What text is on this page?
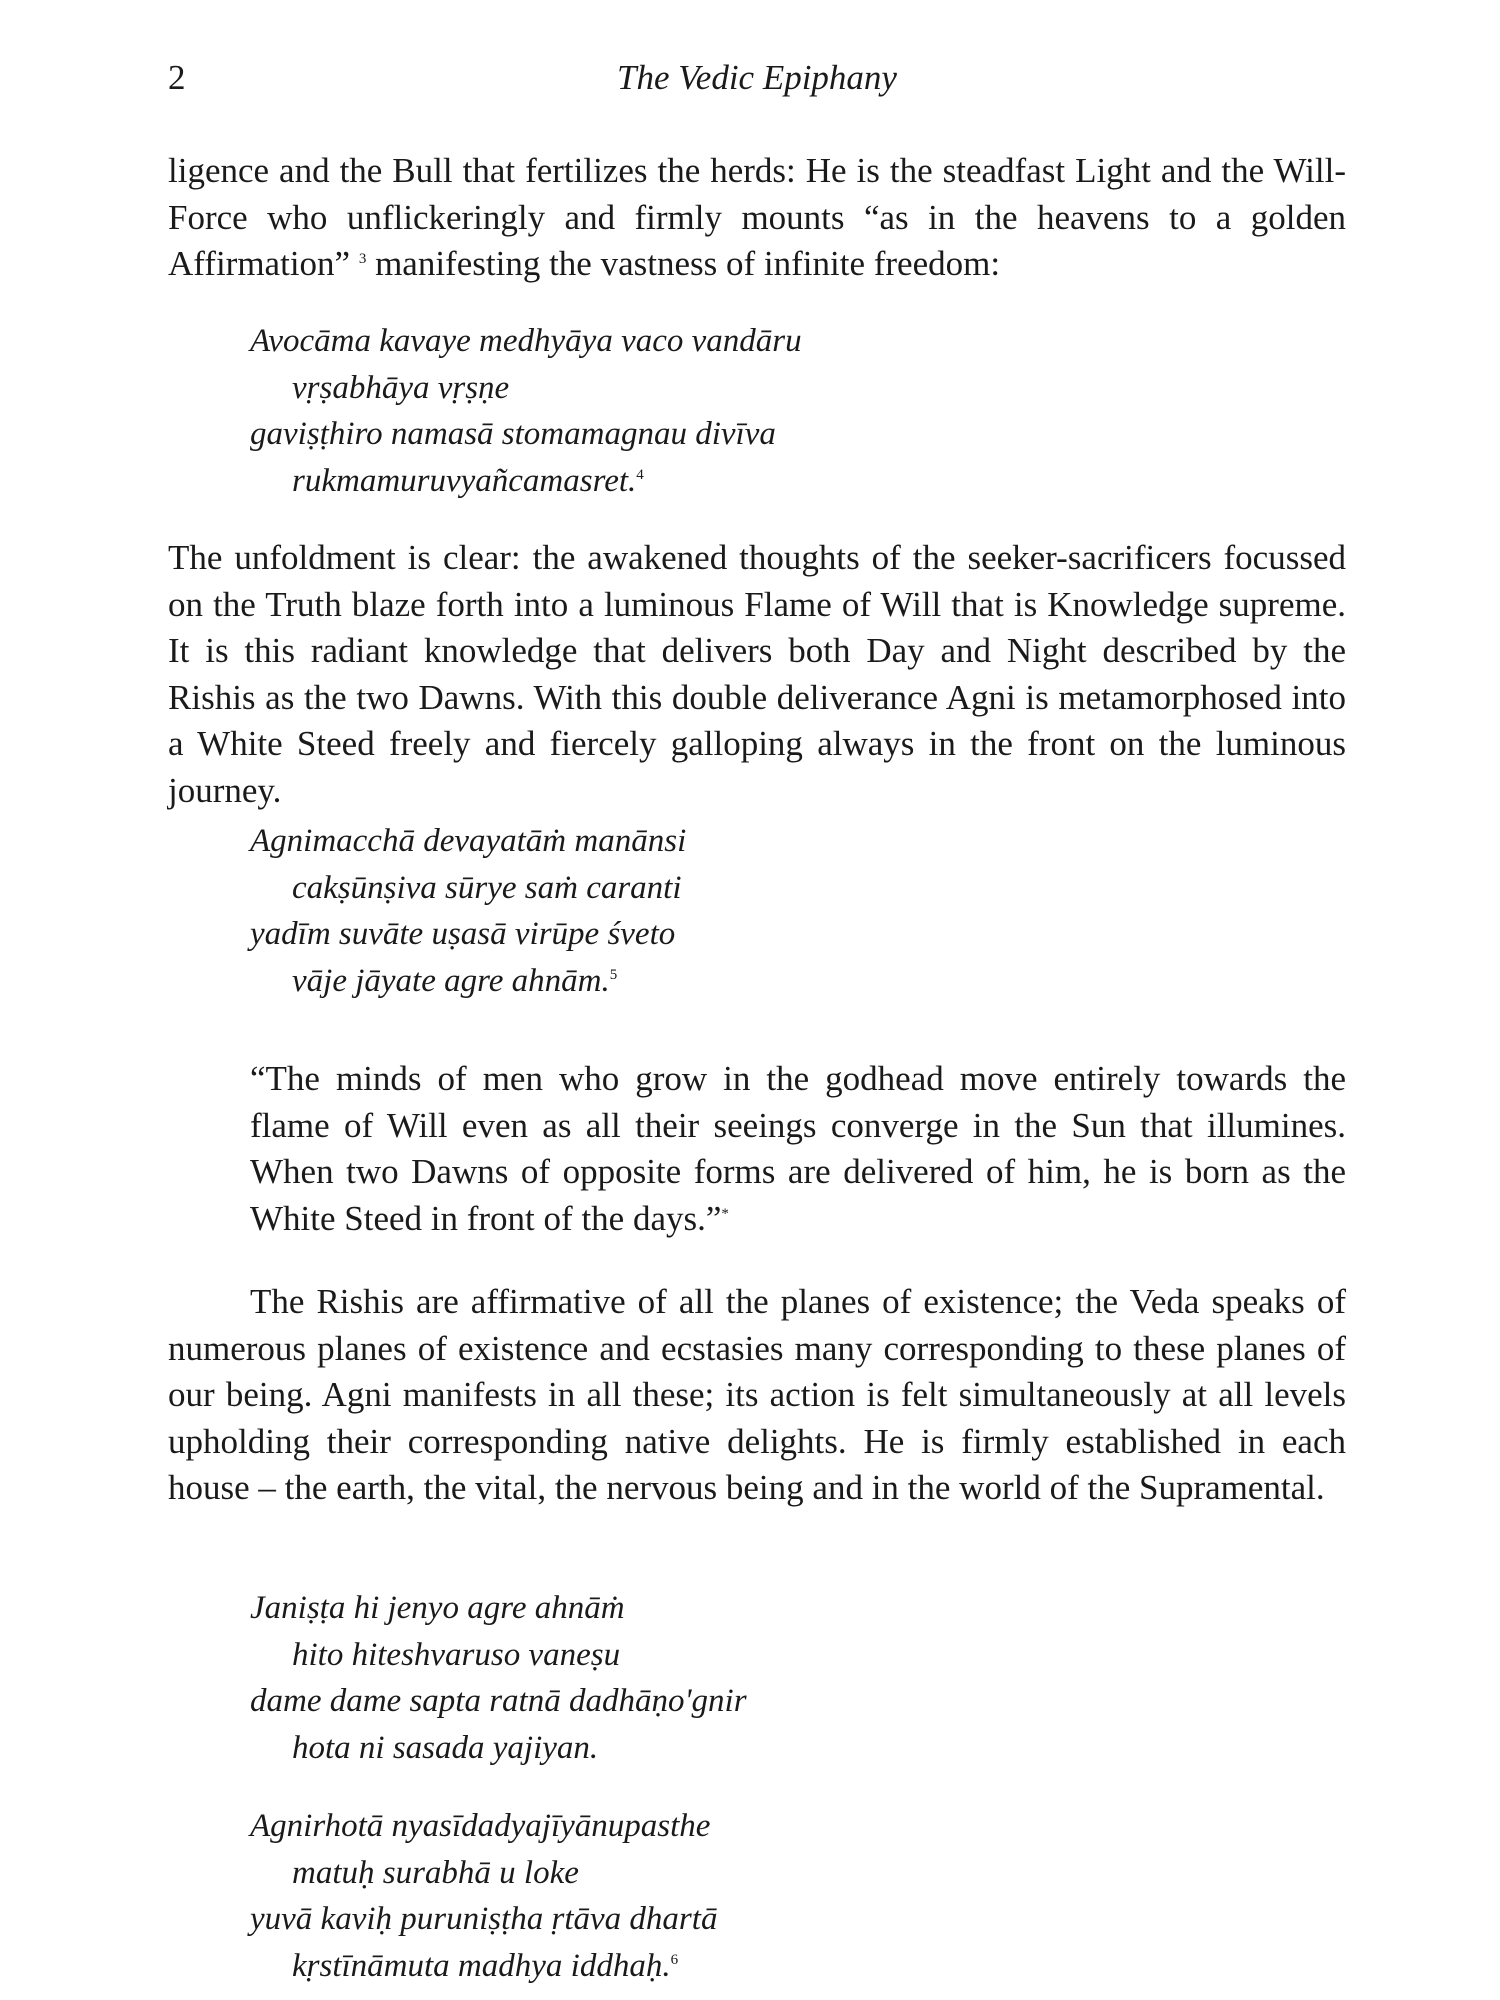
2	The Vedic Epiphany

ligence and the Bull that fertilizes the herds: He is the steadfast Light and the Will-Force who unflickeringly and firmly mounts “as in the heavens to a golden Affirmation” $^3$ manifesting the vastness of infinite freedom:

Avocāma kavaye medhyāya vaco vandāru
vṛṣabhāya vṛṣṇe
gaviṣṭhiro namasā stomamagnau divīva
rukmamuruvyañcamasret.$^4$

The unfoldment is clear: the awakened thoughts of the seeker-sacrificers focussed on the Truth blaze forth into a luminous Flame of Will that is Knowledge supreme. It is this radiant knowledge that delivers both Day and Night described by the Rishis as the two Dawns. With this double deliverance Agni is metamorphosed into a White Steed freely and fiercely galloping always in the front on the luminous journey.

Agnimacchā devayatāṁ manānsi
cakṣūnṣiva sūrye saṁ caranti
yadīm suvāte uṣasā virūpe śveto
vāje jāyate agre ahnām.$^5$

“The minds of men who grow in the godhead move entirely towards the flame of Will even as all their seeings converge in the Sun that illumines. When two Dawns of opposite forms are delivered of him, he is born as the White Steed in front of the days.”*

The Rishis are affirmative of all the planes of existence; the Veda speaks of numerous planes of existence and ecstasies many corresponding to these planes of our being. Agni manifests in all these; its action is felt simultaneously at all levels upholding their corresponding native delights. He is firmly established in each house – the earth, the vital, the nervous being and in the world of the Supramental.

Janiṣṭa hi jenyo agre ahnāṁ
hito hiteshvaruso vaneṣu
dame dame sapta ratnā dadhāṇo'gnir
hota ni sasada yajiyan.
Agnirhotā nyasīdadyajīyānupasthe
matuḥ surabhā u loke
yuvā kaviḥ puruniṣṭha ṛtāva dhartā
kṛstīnāmuta madhya iddhaḥ.$^6$
